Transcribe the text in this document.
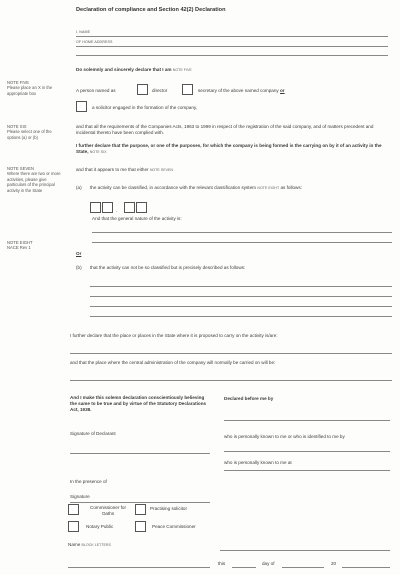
Declaration of compliance and Section 42(2) Declaration
I, NAME
OF HOME ADDRESS
Do solemnly and sincerely declare that I am NOTE FIVE
NOTE FIVE
Please place an X in the appropriate box
NOTE SIX
Please select one of the options (a) or (b)
NOTE SEVEN
Where there are two or more activities, please give particulars of the principal activity in the State
NOTE EIGHT
NACE Rev 1
A person named as	director	secretary of the above named company or
a solicitor engaged in the formation of the company,
and that all the requirements of the Companies Acts, 1963 to 1999 in respect of the registration of the said company, and of matters precedent and incidental thereto have been complied with.
I further declare that the purpose, or one of the purposes, for which the company is being formed is the carrying on by it of an activity in the State, NOTE SIX
and that it appears to me that either NOTE SEVEN
(a) the activity can be classified, in accordance with the relevant classification system NOTE EIGHT as follows:
.
And that the general nature of the activity is:
Or
(b) that the activity can not be so classified but is precisely described as follows:
I further declare that the place or places in the State where it is proposed to carry on the activity is/are:
and that the place where the central administration of the company will normally be carried on will be:
And I make this solemn declaration conscientiously believing the same to be true and by virtue of the Statutory Declarations Act, 1938.
Declared before me by
Signature of Declarant
who is personally known to me or who is identified to me by
who is personally known to me at
In the presence of
Signature
Commissioner for Oaths
Practising solicitor
Notary Public	Peace Commissioner
Name BLOCK LETTERS
this	day of	20
